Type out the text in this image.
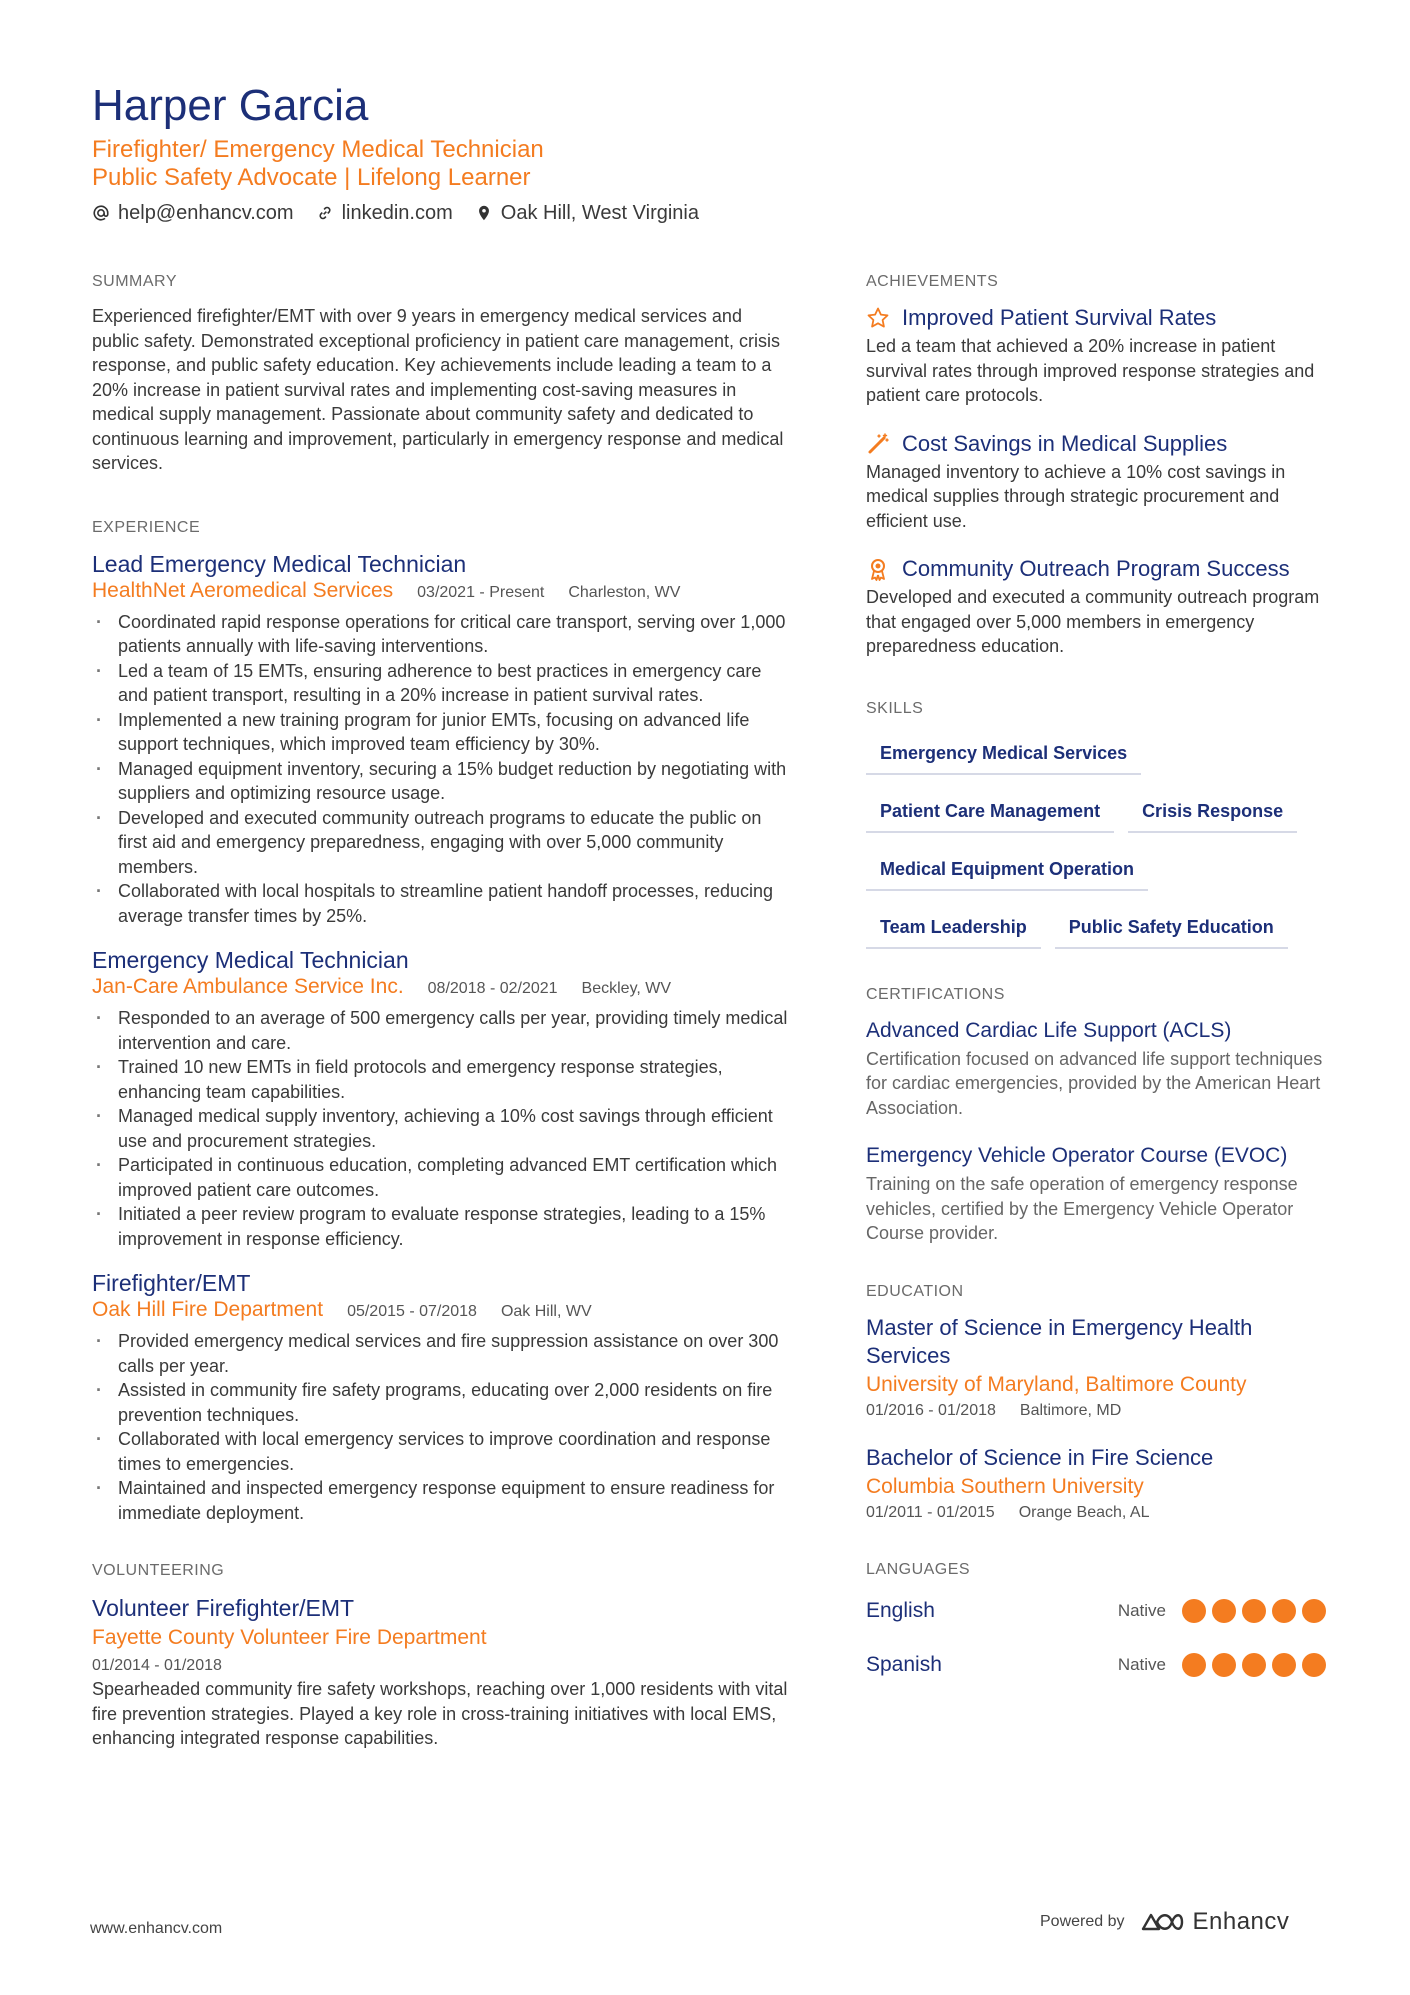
Harper Garcia
Firefighter/ Emergency Medical Technician
Public Safety Advocate | Lifelong Learner
help@enhancv.com linkedin.com Oak Hill, West Virginia
SUMMARY
Experienced firefighter/EMT with over 9 years in emergency medical services and public safety. Demonstrated exceptional proficiency in patient care management, crisis response, and public safety education. Key achievements include leading a team to a 20% increase in patient survival rates and implementing cost-saving measures in medical supply management. Passionate about community safety and dedicated to continuous learning and improvement, particularly in emergency response and medical services.
EXPERIENCE
Lead Emergency Medical Technician
HealthNet Aeromedical Services 03/2021 - Present Charleston, WV
· Coordinated rapid response operations for critical care transport, serving over 1,000 patients annually with life-saving interventions.
· Led a team of 15 EMTs, ensuring adherence to best practices in emergency care and patient transport, resulting in a 20% increase in patient survival rates.
· Implemented a new training program for junior EMTs, focusing on advanced life support techniques, which improved team efficiency by 30%.
· Managed equipment inventory, securing a 15% budget reduction by negotiating with suppliers and optimizing resource usage.
· Developed and executed community outreach programs to educate the public on first aid and emergency preparedness, engaging with over 5,000 community members.
· Collaborated with local hospitals to streamline patient handoff processes, reducing average transfer times by 25%.
Emergency Medical Technician
Jan-Care Ambulance Service Inc. 08/2018 - 02/2021 Beckley, WV
· Responded to an average of 500 emergency calls per year, providing timely medical intervention and care.
· Trained 10 new EMTs in field protocols and emergency response strategies, enhancing team capabilities.
· Managed medical supply inventory, achieving a 10% cost savings through efficient use and procurement strategies.
· Participated in continuous education, completing advanced EMT certification which improved patient care outcomes.
· Initiated a peer review program to evaluate response strategies, leading to a 15% improvement in response efficiency.
Firefighter/EMT
Oak Hill Fire Department 05/2015 - 07/2018 Oak Hill, WV
· Provided emergency medical services and fire suppression assistance on over 300 calls per year.
· Assisted in community fire safety programs, educating over 2,000 residents on fire prevention techniques.
· Collaborated with local emergency services to improve coordination and response times to emergencies.
· Maintained and inspected emergency response equipment to ensure readiness for immediate deployment.
VOLUNTEERING
Volunteer Firefighter/EMT
Fayette County Volunteer Fire Department
01/2014 - 01/2018
Spearheaded community fire safety workshops, reaching over 1,000 residents with vital fire prevention strategies. Played a key role in cross-training initiatives with local EMS, enhancing integrated response capabilities.
ACHIEVEMENTS
Improved Patient Survival Rates
Led a team that achieved a 20% increase in patient survival rates through improved response strategies and patient care protocols.
Cost Savings in Medical Supplies
Managed inventory to achieve a 10% cost savings in medical supplies through strategic procurement and efficient use.
Community Outreach Program Success
Developed and executed a community outreach program that engaged over 5,000 members in emergency preparedness education.
SKILLS
Emergency Medical Services
Patient Care Management	Crisis Response
Medical Equipment Operation
Team Leadership	Public Safety Education
CERTIFICATIONS
Advanced Cardiac Life Support (ACLS)
Certification focused on advanced life support techniques for cardiac emergencies, provided by the American Heart Association.
Emergency Vehicle Operator Course (EVOC)
Training on the safe operation of emergency response vehicles, certified by the Emergency Vehicle Operator Course provider.
EDUCATION
Master of Science in Emergency Health Services
University of Maryland, Baltimore County
01/2016 - 01/2018 Baltimore, MD
Bachelor of Science in Fire Science
Columbia Southern University
01/2011 - 01/2015 Orange Beach, AL
LANGUAGES
English	Native
Spanish	Native
www.enhancv.com	Powered by	Enhancv
